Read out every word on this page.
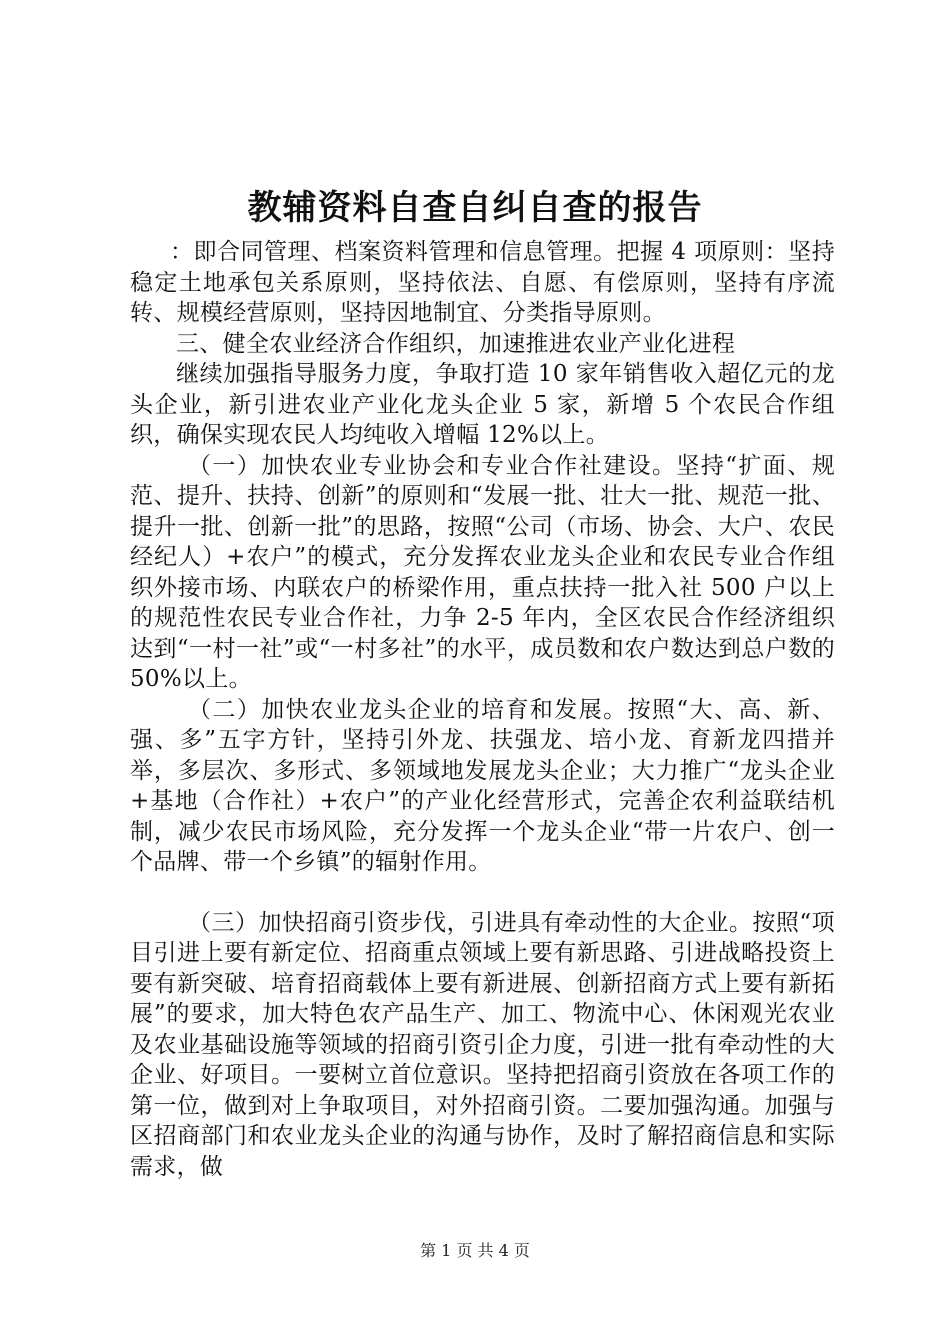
教辅资料自查自纠自查的报告

：即合同管理、档案资料管理和信息管理。把握 4 项原则：坚持稳定土地承包关系原则，坚持依法、自愿、有偿原则，坚持有序流转、规模经营原则，坚持因地制宜、分类指导原则。

三、健全农业经济合作组织，加速推进农业产业化进程

继续加强指导服务力度，争取打造 10 家年销售收入超亿元的龙头企业，新引进农业产业化龙头企业 5 家，新增 5 个农民合作组织，确保实现农民人均纯收入增幅 12%以上。

（一）加快农业专业协会和专业合作社建设。坚持“扩面、规范、提升、扶持、创新”的原则和“发展一批、壮大一批、规范一批、提升一批、创新一批”的思路，按照“公司（市场、协会、大户、农民经纪人）+农户”的模式，充分发挥农业龙头企业和农民专业合作组织外接市场、内联农户的桥梁作用，重点扶持一批入社 500 户以上的规范性农民专业合作社，力争 2-5 年内，全区农民合作经济组织达到“一村一社”或“一村多社”的水平，成员数和农户数达到总户数的 50%以上。

（二）加快农业龙头企业的培育和发展。按照“大、高、新、强、多”五字方针，坚持引外龙、扶强龙、培小龙、育新龙四措并举，多层次、多形式、多领域地发展龙头企业；大力推广“龙头企业+基地（合作社）+农户”的产业化经营形式，完善企农利益联结机制，减少农民市场风险，充分发挥一个龙头企业“带一片农户、创一个品牌、带一个乡镇”的辐射作用。

（三）加快招商引资步伐，引进具有牵动性的大企业。按照“项目引进上要有新定位、招商重点领域上要有新思路、引进战略投资上要有新突破、培育招商载体上要有新进展、创新招商方式上要有新拓展”的要求，加大特色农产品生产、加工、物流中心、休闲观光农业及农业基础设施等领域的招商引资引企力度，引进一批有牵动性的大企业、好项目。一要树立首位意识。坚持把招商引资放在各项工作的第一位，做到对上争取项目，对外招商引资。二要加强沟通。加强与区招商部门和农业龙头企业的沟通与协作，及时了解招商信息和实际需求，做

第 1 页 共 4 页
